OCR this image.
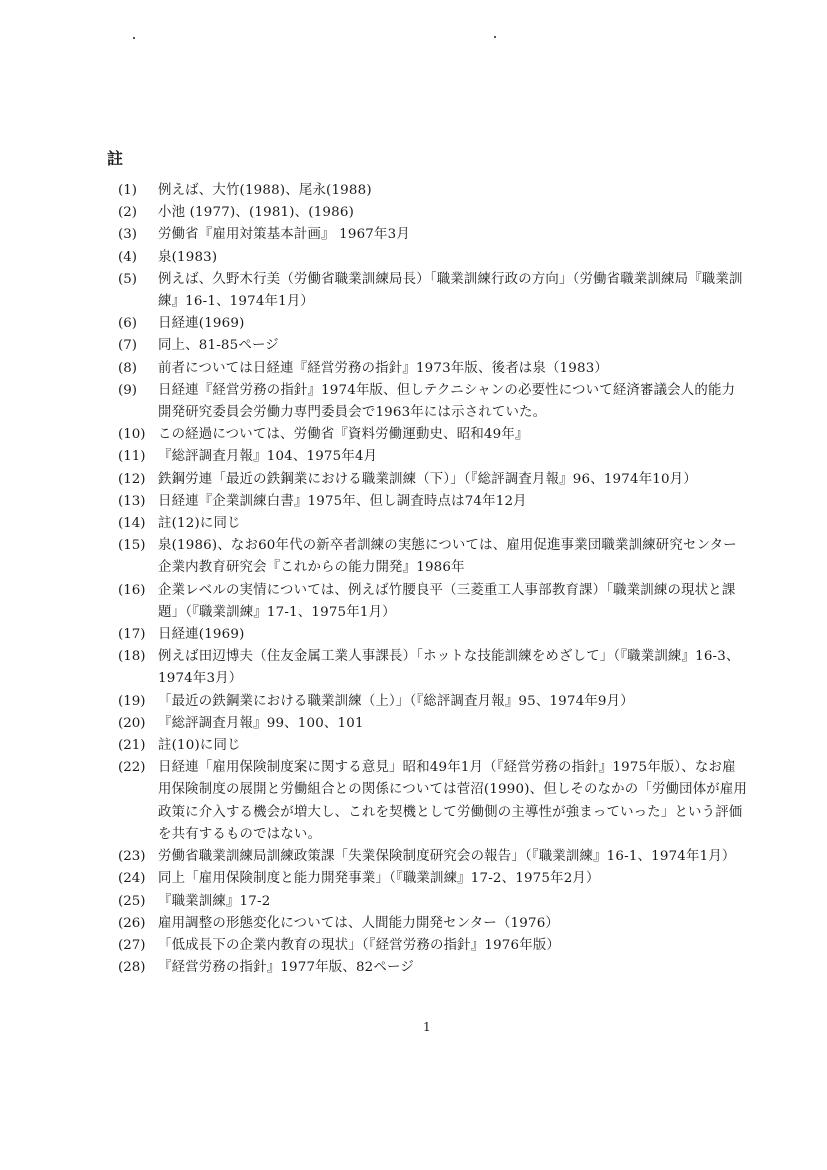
註
(1)	例えば、大竹(1988)、尾永(1988)
(2)	小池 (1977)、(1981)、(1986)
(3)	労働省『雇用対策基本計画』 1967年3月
(4)	泉(1983)
(5)	例えば、久野木行美（労働省職業訓練局長）「職業訓練行政の方向」（労働省職業訓練局『職業訓練』16-1、1974年1月）
(6)	日経連(1969)
(7)	同上、81-85ページ
(8)	前者については日経連『経営労務の指針』1973年版、後者は泉（1983）
(9)	日経連『経営労務の指針』1974年版、但しテクニシャンの必要性について経済審議会人的能力開発研究委員会労働力専門委員会で1963年には示されていた。
(10) この経過については、労働省『資料労働運動史、昭和49年』
(11) 『総評調査月報』104、1975年4月
(12) 鉄鋼労連「最近の鉄鋼業における職業訓練（下）」（『総評調査月報』96、1974年10月）
(13) 日経連『企業訓練白書』1975年、但し調査時点は74年12月
(14) 註(12)に同じ
(15) 泉(1986)、なお60年代の新卒者訓練の実態については、雇用促進事業団職業訓練研究センター企業内教育研究会『これからの能力開発』1986年
(16) 企業レベルの実情については、例えば竹腰良平（三菱重工人事部教育課）「職業訓練の現状と課題」（『職業訓練』17-1、1975年1月）
(17) 日経連(1969)
(18) 例えば田辺博夫（住友金属工業人事課長）「ホットな技能訓練をめざして」（『職業訓練』16-3、1974年3月）
(19) 「最近の鉄鋼業における職業訓練（上）」（『総評調査月報』95、1974年9月）
(20) 『総評調査月報』99、100、101
(21) 註(10)に同じ
(22) 日経連「雇用保険制度案に関する意見」昭和49年1月（『経営労務の指針』1975年版）、なお雇用保険制度の展開と労働組合との関係については菅沼(1990)、但しそのなかの「労働団体が雇用政策に介入する機会が増大し、これを契機として労働側の主導性が強まっていった」という評価を共有するものではない。
(23) 労働省職業訓練局訓練政策課「失業保険制度研究会の報告」（『職業訓練』16-1、1974年1月）
(24) 同上「雇用保険制度と能力開発事業」（『職業訓練』17-2、1975年2月）
(25) 『職業訓練』17-2
(26) 雇用調整の形態変化については、人間能力開発センター（1976）
(27) 「低成長下の企業内教育の現状」（『経営労務の指針』1976年版）
(28) 『経営労務の指針』1977年版、82ページ
1
